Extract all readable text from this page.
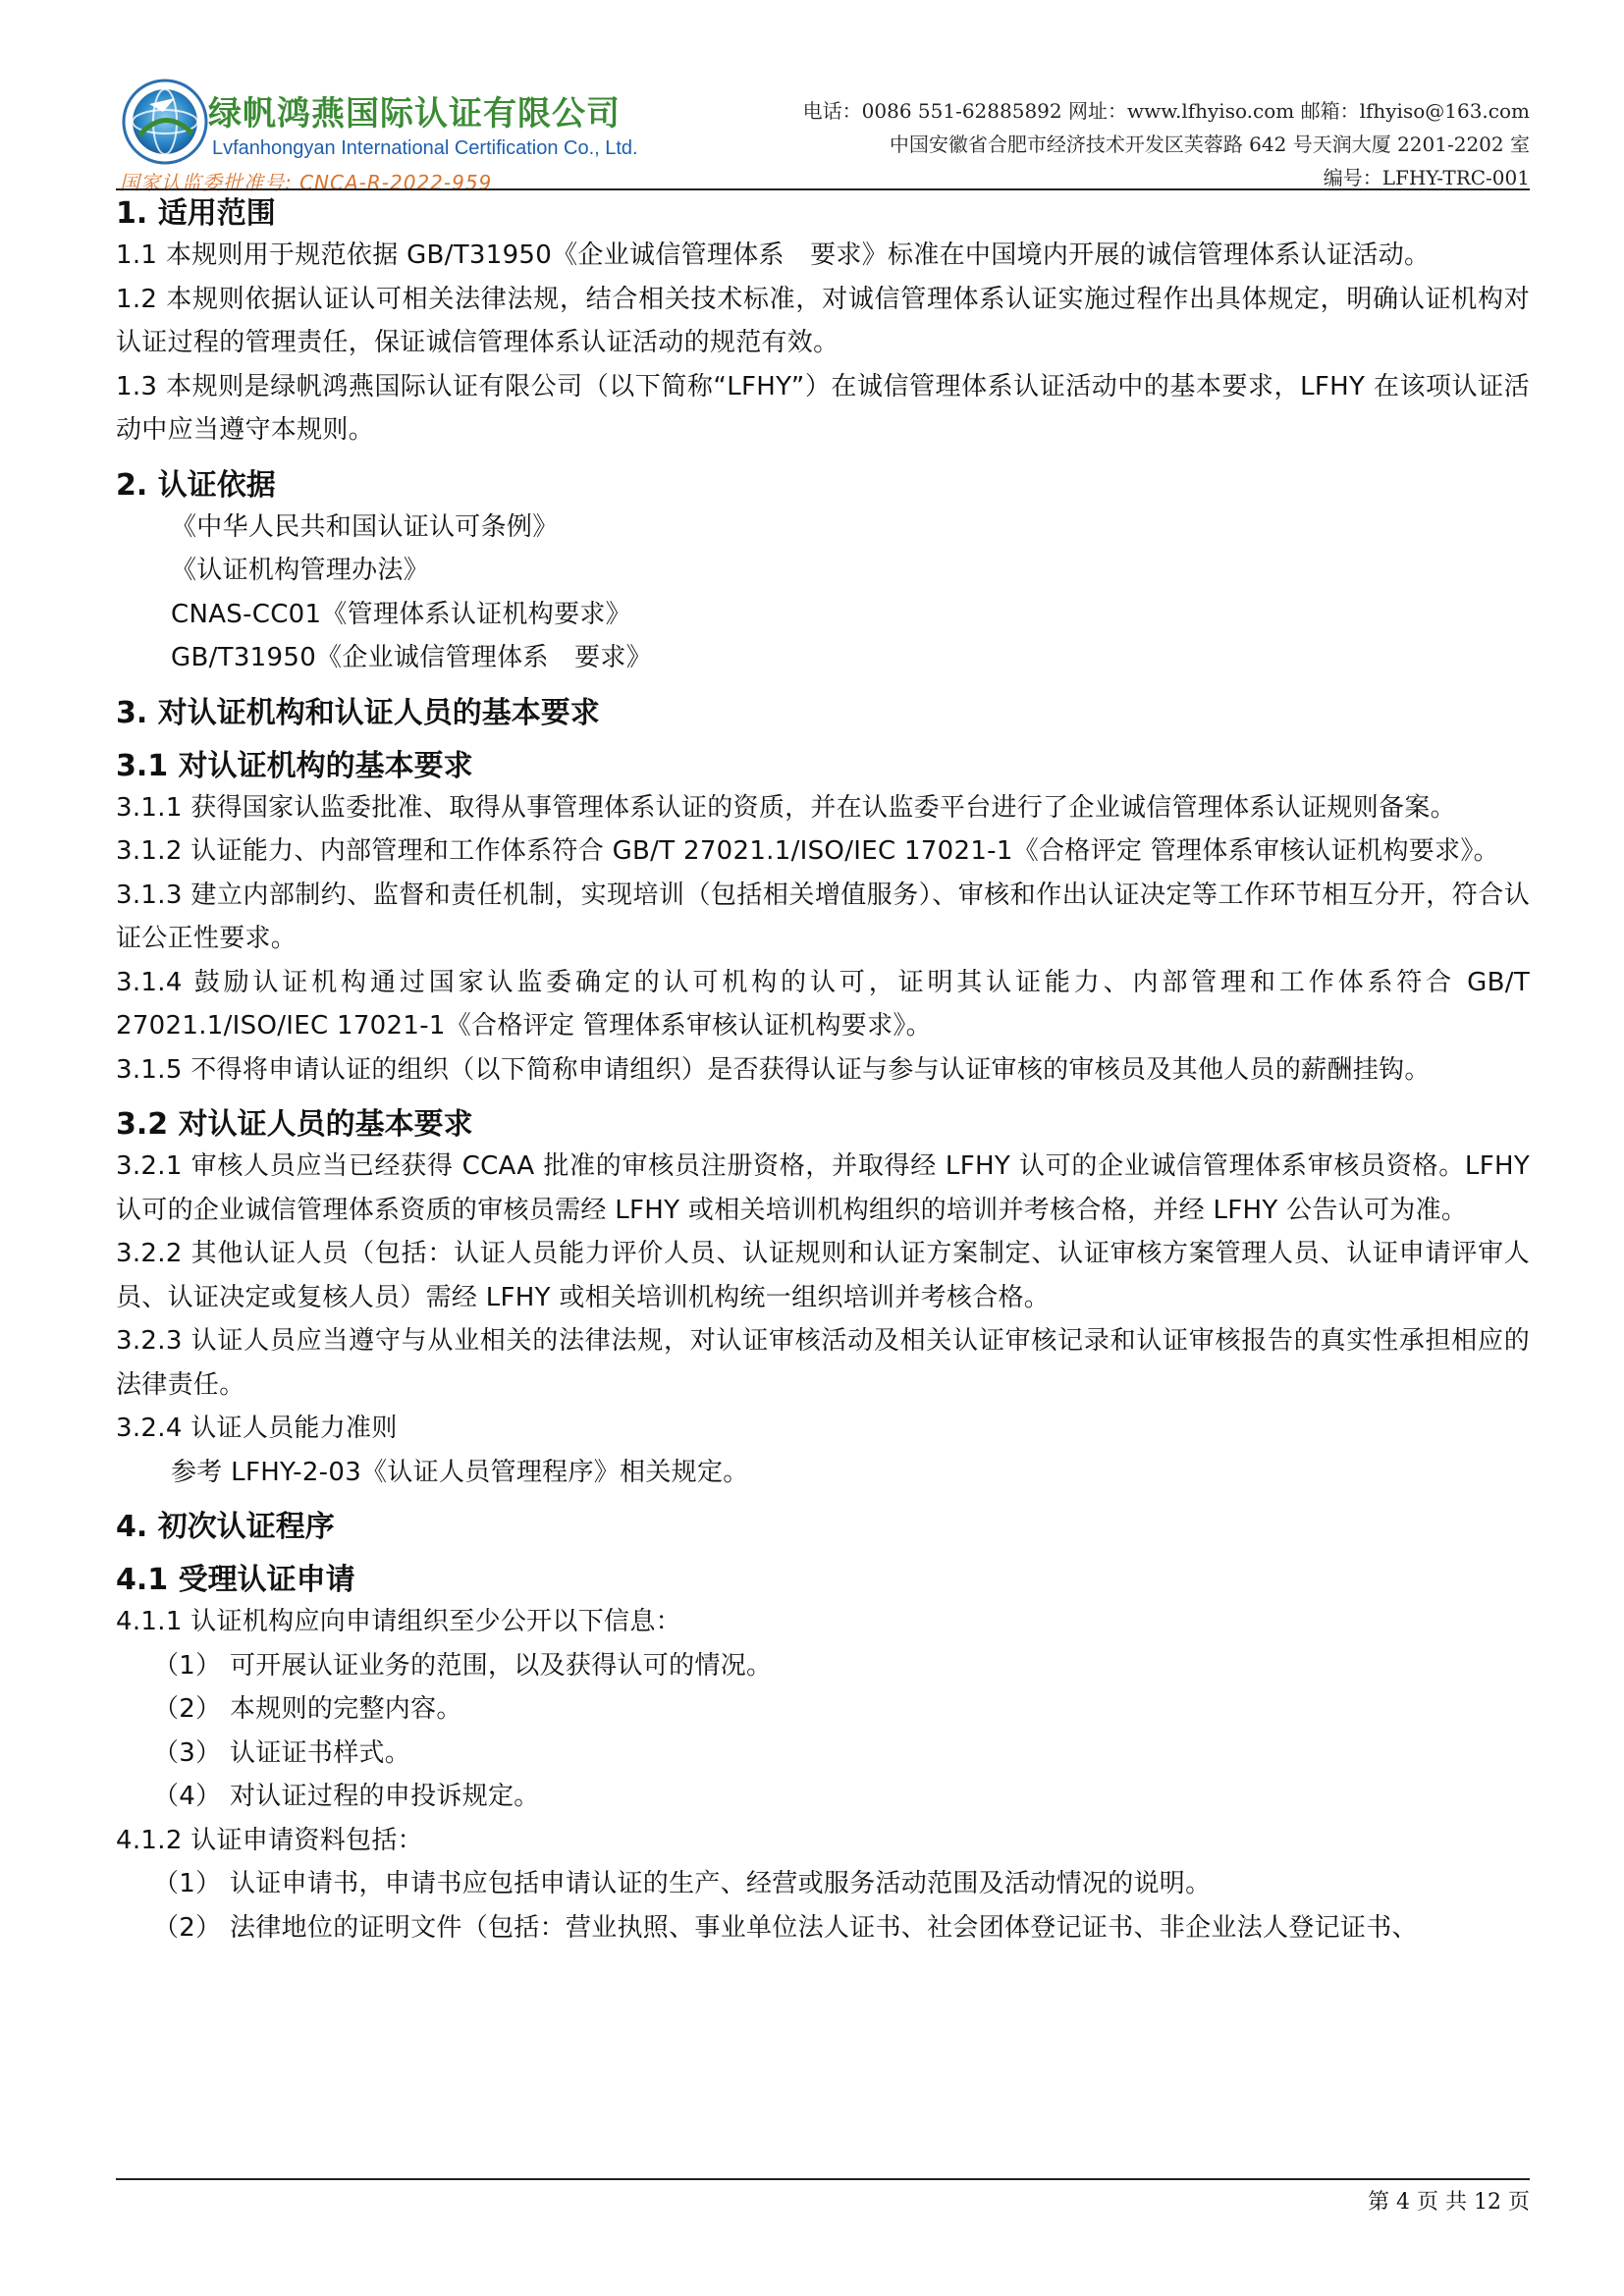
绿帆鸿燕国际认证有限公司
Lvfanhongyan International Certification Co., Ltd.
国家认监委批准号: CNCA-R-2022-959
电话：0086 551-62885892 网址：www.lfhyiso.com 邮箱：lfhyiso@163.com
中国安徽省合肥市经济技术开发区芙蓉路 642 号天润大厦 2201-2202 室
编号：LFHY-TRC-001
1. 适用范围

1.1 本规则用于规范依据 GB/T31950《企业诚信管理体系　要求》标准在中国境内开展的诚信管理体系认证活动。

1.2 本规则依据认证认可相关法律法规，结合相关技术标准，对诚信管理体系认证实施过程作出具体规定，明确认证机构对认证过程的管理责任，保证诚信管理体系认证活动的规范有效。

1.3 本规则是绿帆鸿燕国际认证有限公司（以下简称“LFHY”）在诚信管理体系认证活动中的基本要求，LFHY 在该项认证活动中应当遵守本规则。

2. 认证依据

《中华人民共和国认证认可条例》

《认证机构管理办法》

CNAS-CC01《管理体系认证机构要求》

GB/T31950《企业诚信管理体系　要求》

3. 对认证机构和认证人员的基本要求
3.1 对认证机构的基本要求

3.1.1 获得国家认监委批准、取得从事管理体系认证的资质，并在认监委平台进行了企业诚信管理体系认证规则备案。

3.1.2 认证能力、内部管理和工作体系符合 GB/T 27021.1/ISO/IEC 17021-1《合格评定 管理体系审核认证机构要求》。

3.1.3 建立内部制约、监督和责任机制，实现培训（包括相关增值服务）、审核和作出认证决定等工作环节相互分开，符合认证公正性要求。

3.1.4 鼓励认证机构通过国家认监委确定的认可机构的认可，证明其认证能力、内部管理和工作体系符合 GB/T 27021.1/ISO/IEC 17021-1《合格评定 管理体系审核认证机构要求》。

3.1.5 不得将申请认证的组织（以下简称申请组织）是否获得认证与参与认证审核的审核员及其他人员的薪酬挂钩。

3.2 对认证人员的基本要求

3.2.1 审核人员应当已经获得 CCAA 批准的审核员注册资格，并取得经 LFHY 认可的企业诚信管理体系审核员资格。LFHY 认可的企业诚信管理体系资质的审核员需经 LFHY 或相关培训机构组织的培训并考核合格，并经 LFHY 公告认可为准。

3.2.2 其他认证人员（包括：认证人员能力评价人员、认证规则和认证方案制定、认证审核方案管理人员、认证申请评审人员、认证决定或复核人员）需经 LFHY 或相关培训机构统一组织培训并考核合格。

3.2.3 认证人员应当遵守与从业相关的法律法规，对认证审核活动及相关认证审核记录和认证审核报告的真实性承担相应的法律责任。

3.2.4 认证人员能力准则

参考 LFHY-2-03《认证人员管理程序》相关规定。

4. 初次认证程序
4.1 受理认证申请

4.1.1 认证机构应向申请组织至少公开以下信息：

（1） 可开展认证业务的范围，以及获得认可的情况。

（2） 本规则的完整内容。

（3） 认证证书样式。

（4） 对认证过程的申投诉规定。

4.1.2 认证申请资料包括：

（1） 认证申请书，申请书应包括申请认证的生产、经营或服务活动范围及活动情况的说明。

（2） 法律地位的证明文件（包括：营业执照、事业单位法人证书、社会团体登记证书、非企业法人登记证书、

第 4 页 共 12 页
